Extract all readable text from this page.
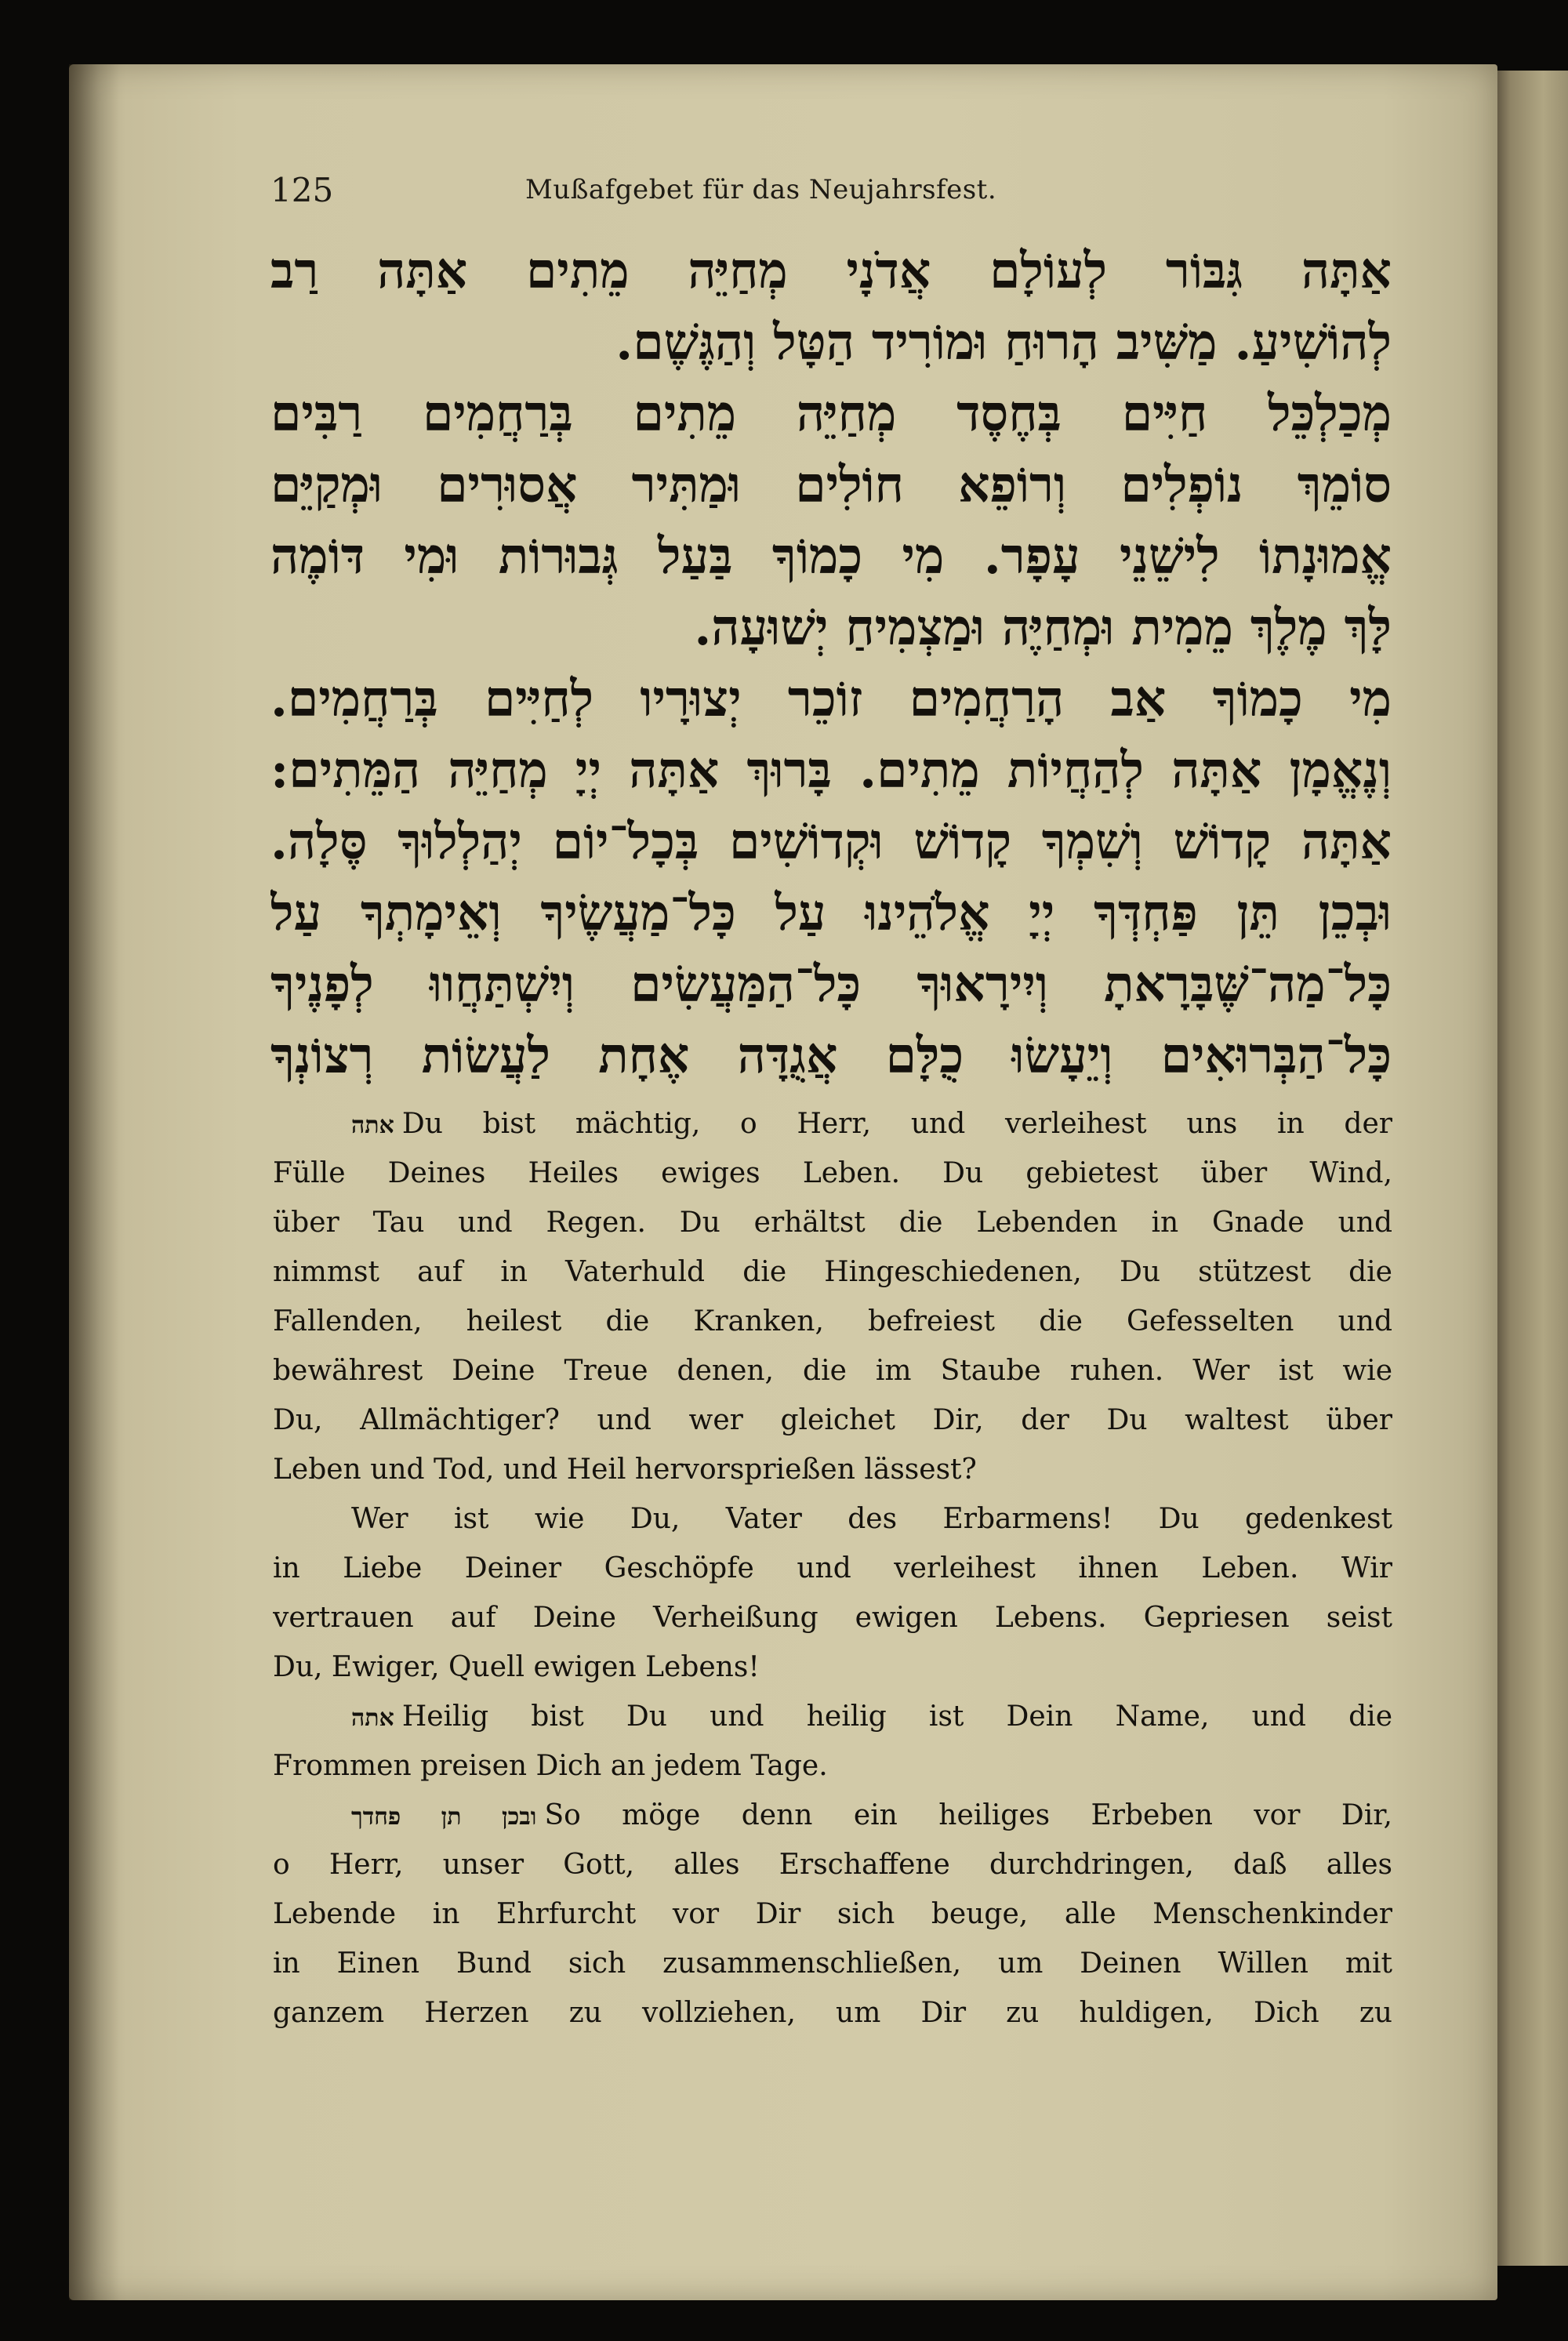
125	Mußafgebet für das Neujahrsfest.
אַתָּה גִּבּוֹר לְעוֹלָם אֲדֹנָי מְחַיֵּה מֵתִים אַתָּה רַב
לְהוֹשִׁיעַ. מַשִּׁיב הָרוּחַ וּמוֹרִיד הַטָּל וְהַגֶּשֶׁם.
מְכַלְכֵּל חַיִּים בְּחֶסֶד מְחַיֵּה מֵתִים בְּרַחֲמִים רַבִּים
סוֹמֵךְ נוֹפְלִים וְרוֹפֵא חוֹלִים וּמַתִּיר אֲסוּרִים וּמְקַיֵּם
אֱמוּנָתוֹ לִישֵׁנֵי עָפָר. מִי כָמוֹךָ בַּעַל גְּבוּרוֹת וּמִי דּוֹמֶה
לָּךְ מֶלֶךְ מֵמִית וּמְחַיֶּה וּמַצְמִיחַ יְשׁוּעָה.
מִי כָמוֹךָ אַב הָרַחֲמִים זוֹכֵר יְצוּרָיו לְחַיִּים בְּרַחֲמִים.
וְנֶאֱמָן אַתָּה לְהַחֲיוֹת מֵתִים. בָּרוּךְ אַתָּה יְיָ מְחַיֵּה הַמֵּתִים:
אַתָּה קָדוֹשׁ וְשִׁמְךָ קָדוֹשׁ וּקְדוֹשִׁים בְּכָל־יוֹם יְהַלְלוּךָ סֶּלָה.
וּבְכֵן תֵּן פַּחְדְּךָ יְיָ אֱלֹהֵינוּ עַל כָּל־מַעֲשֶׂיךָ וְאֵימָתְךָ עַל
כָּל־מַה־שֶּׁבָּרָאתָ וְיִירָאוּךָ כָּל־הַמַּעֲשִׂים וְיִשְׁתַּחֲווּ לְפָנֶיךָ
כָּל־הַבְּרוּאִים וְיֵעָשׂוּ כֻלָּם אֲגֻדָּה אֶחָת לַעֲשׂוֹת רְצוֹנְךָ
אתה Du bist mächtig, o Herr, und verleihest uns in der
Fülle Deines Heiles ewiges Leben. Du gebietest über Wind,
über Tau und Regen. Du erhältst die Lebenden in Gnade und
nimmst auf in Vaterhuld die Hingeschiedenen, Du stützest die
Fallenden, heilest die Kranken, befreiest die Gefesselten und
bewährest Deine Treue denen, die im Staube ruhen. Wer ist wie
Du, Allmächtiger? und wer gleichet Dir, der Du waltest über
Leben und Tod, und Heil hervorsprießen lässest?
Wer ist wie Du, Vater des Erbarmens! Du gedenkest
in Liebe Deiner Geschöpfe und verleihest ihnen Leben. Wir
vertrauen auf Deine Verheißung ewigen Lebens. Gepriesen seist
Du, Ewiger, Quell ewigen Lebens!
אתה Heilig bist Du und heilig ist Dein Name, und die
Frommen preisen Dich an jedem Tage.
ובכן תן פחדך So möge denn ein heiliges Erbeben vor Dir,
o Herr, unser Gott, alles Erschaffene durchdringen, daß alles
Lebende in Ehrfurcht vor Dir sich beuge, alle Menschenkinder
in Einen Bund sich zusammenschließen, um Deinen Willen mit
ganzem Herzen zu vollziehen, um Dir zu huldigen, Dich zu
